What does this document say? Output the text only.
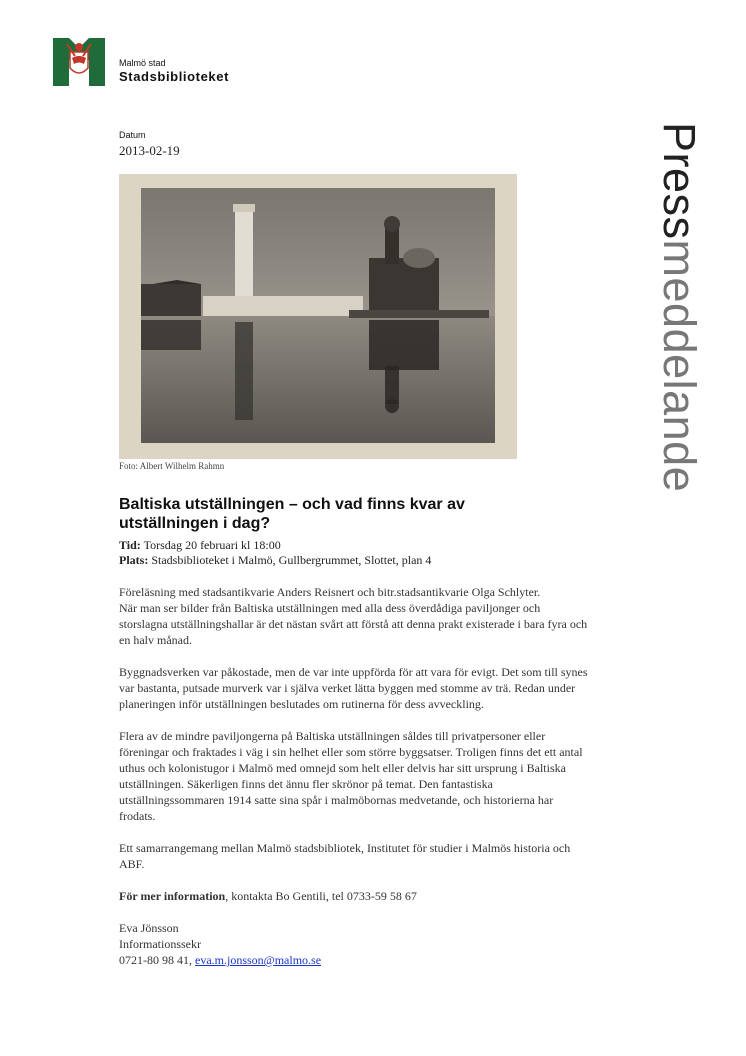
Malmö stad
Stadsbiblioteket
Datum
2013-02-19	Pressmeddelande
Foto: Albert Wilhelm Rahmn
Baltiska utställningen – och vad finns kvar av utställningen i dag?
Tid: Torsdag 20 februari kl 18:00
Plats: Stadsbiblioteket i Malmö, Gullbergrummet, Slottet, plan 4

Föreläsning med stadsantikvarie Anders Reisnert och bitr.stadsantikvarie Olga Schlyter.
När man ser bilder från Baltiska utställningen med alla dess överdådiga paviljonger och storslagna utställningshallar är det nästan svårt att förstå att denna prakt existerade i bara fyra och en halv månad.

Byggnadsverken var påkostade, men de var inte uppförda för att vara för evigt. Det som till synes var bastanta, putsade murverk var i själva verket lätta byggen med stomme av trä. Redan under planeringen inför utställningen beslutades om rutinerna för dess avveckling.

Flera av de mindre paviljongerna på Baltiska utställningen såldes till privatpersoner eller föreningar och fraktades i väg i sin helhet eller som större byggsatser. Troligen finns det ett antal uthus och kolonistugor i Malmö med omnejd som helt eller delvis har sitt ursprung i Baltiska utställningen. Säkerligen finns det ännu fler skrönor på temat. Den fantastiska utställningssommaren 1914 satte sina spår i malmöbornas medvetande, och historierna har frodats.

Ett samarrangemang mellan Malmö stadsbibliotek, Institutet för studier i Malmös historia och ABF.

För mer information, kontakta Bo Gentili, tel 0733-59 58 67

Eva Jönsson

Informationssekr

0721-80 98 41, eva.m.jonsson@malmo.se
